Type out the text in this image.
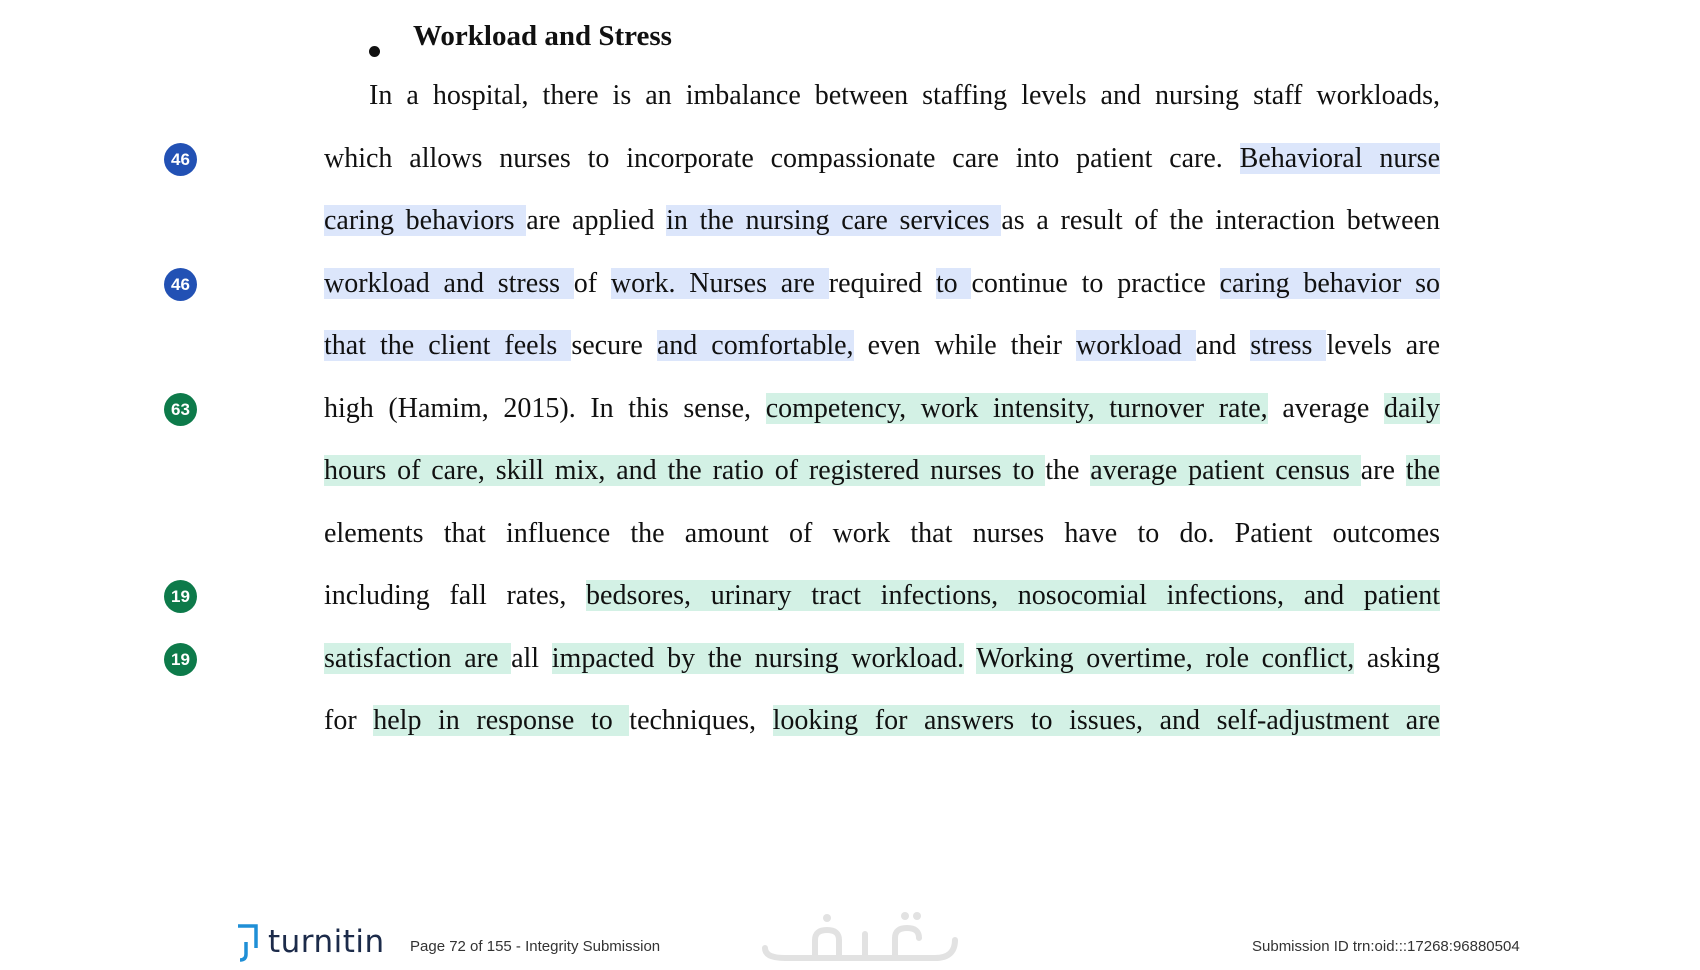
Workload and Stress
In a hospital, there is an imbalance between staffing levels and nursing staff workloads,
which allows nurses to incorporate compassionate care into patient care. Behavioral nurse
caring behaviors are applied in the nursing care services as a result of the interaction between
workload and stress of work. Nurses are required to continue to practice caring behavior so
that the client feels secure and comfortable, even while their workload and stress levels are
high (Hamim, 2015). In this sense, competency, work intensity, turnover rate, average daily
hours of care, skill mix, and the ratio of registered nurses to the average patient census are the
elements that influence the amount of work that nurses have to do. Patient outcomes
including fall rates, bedsores, urinary tract infections, nosocomial infections, and patient
satisfaction are all impacted by the nursing workload. Working overtime, role conflict, asking
for help in response to techniques, looking for answers to issues, and self-adjustment are
46
46
63
19
19
turnitin Page 72 of 155 - Integrity Submission
خمسات
Submission ID trn:oid:::17268:96880504
